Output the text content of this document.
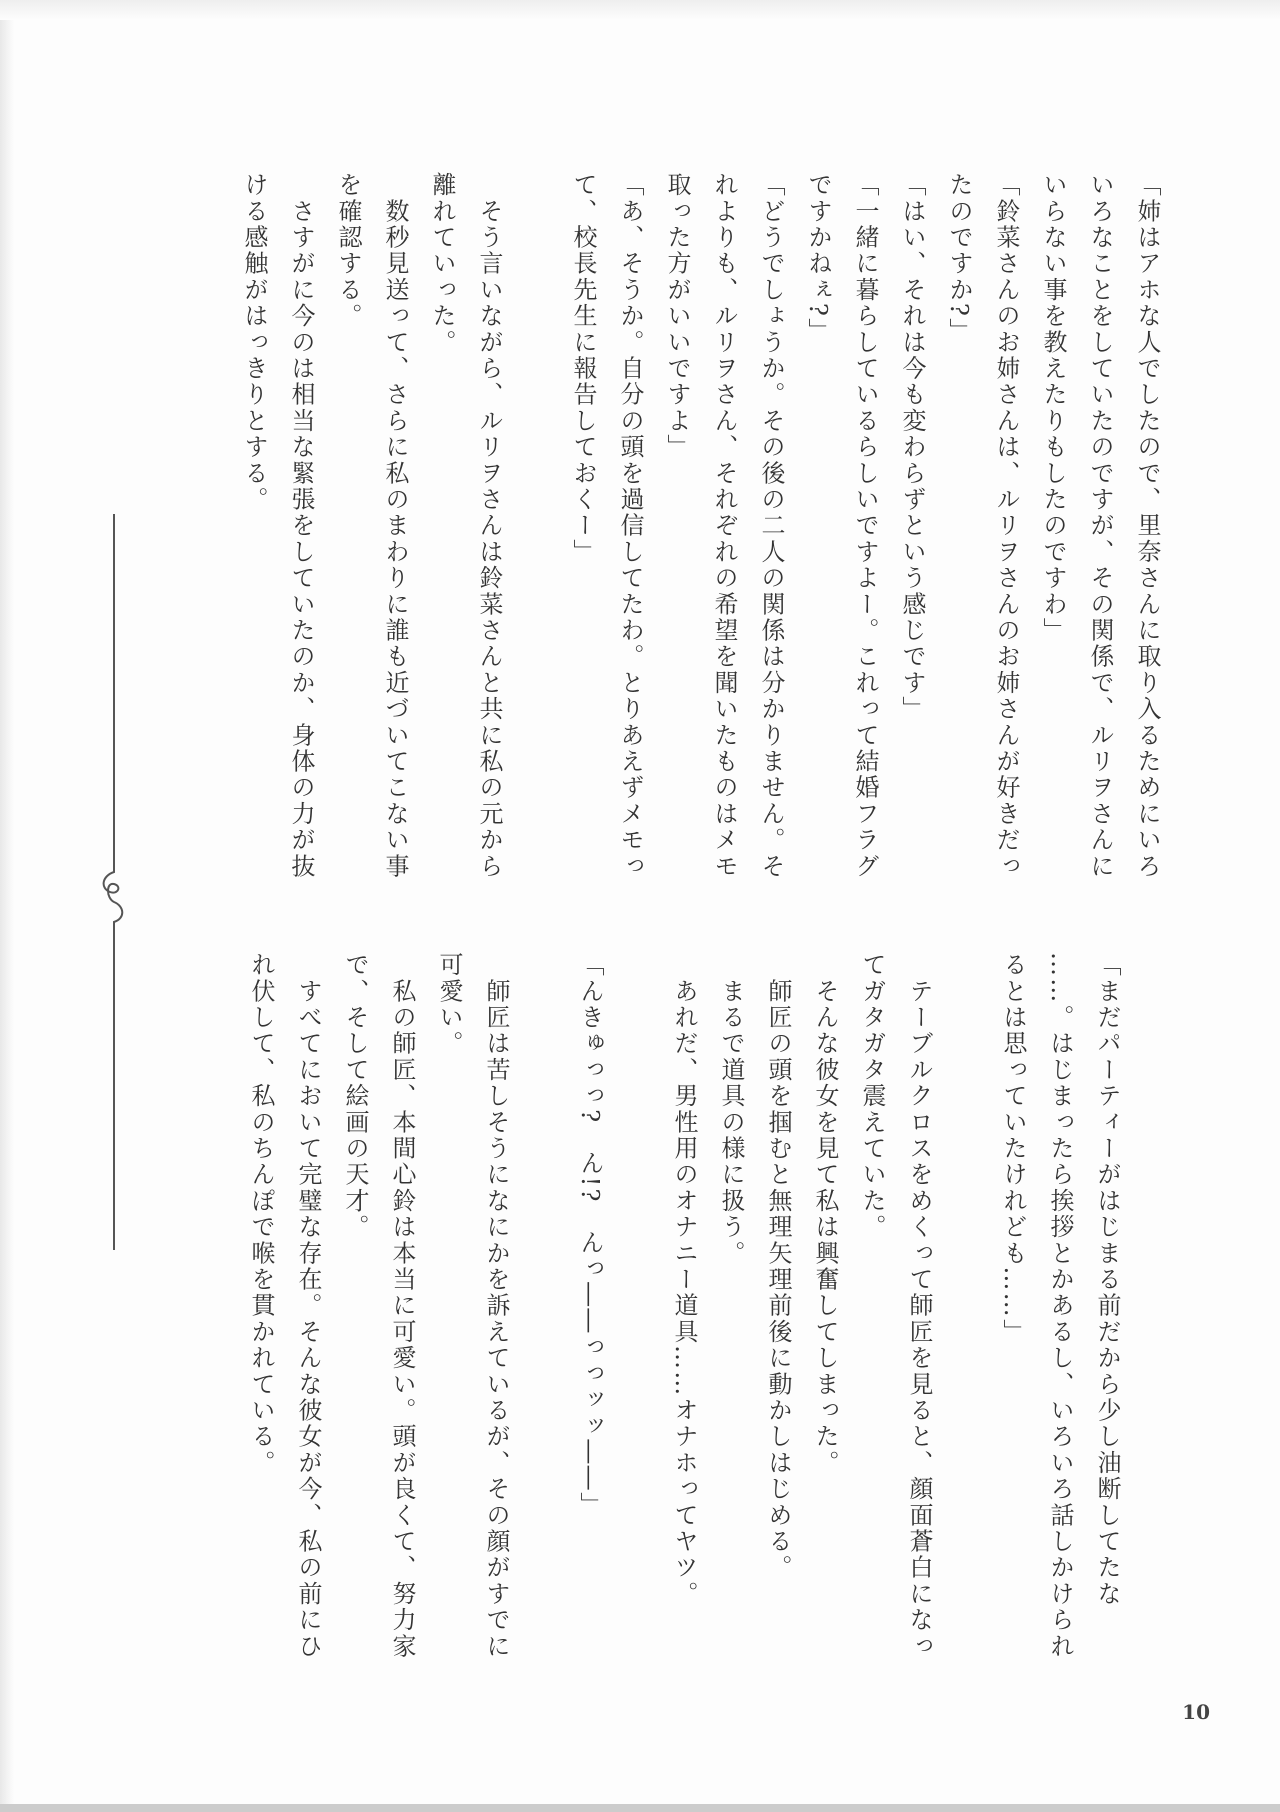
「姉はアホな人でしたので、里奈さんに取り入るためにいろ
いろなことをしていたのですが、その関係で、ルリヲさんに
いらない事を教えたりもしたのですわ」
「鈴菜さんのお姉さんは、ルリヲさんのお姉さんが好きだっ
たのですか?」
「はい、それは今も変わらずという感じです」
「一緒に暮らしているらしいですよー。これって結婚フラグ
ですかねぇ?」
「どうでしょうか。その後の二人の関係は分かりません。そ
れよりも、ルリヲさん、それぞれの希望を聞いたものはメモ
取った方がいいですよ」
「あ、そうか。自分の頭を過信してたわ。とりあえずメモっ
て、校長先生に報告しておくー」
　そう言いながら、ルリヲさんは鈴菜さんと共に私の元から
離れていった。
　数秒見送って、さらに私のまわりに誰も近づいてこない事
を確認する。
　さすがに今のは相当な緊張をしていたのか、身体の力が抜
ける感触がはっきりとする。
「まだパーティーがはじまる前だから少し油断してたな
……。はじまったら挨拶とかあるし、いろいろ話しかけられ
るとは思っていたけれども……」
　テーブルクロスをめくって師匠を見ると、顔面蒼白になっ
てガタガタ震えていた。
　そんな彼女を見て私は興奮してしまった。
　師匠の頭を掴むと無理矢理前後に動かしはじめる。
　まるで道具の様に扱う。
　あれだ、男性用のオナニー道具……オナホってヤツ。
「んきゅっっ?　ん!?　んっ――っっッッ――」
　師匠は苦しそうになにかを訴えているが、その顔がすでに
可愛い。
　私の師匠、本間心鈴は本当に可愛い。頭が良くて、努力家
で、そして絵画の天才。
　すべてにおいて完璧な存在。そんな彼女が今、私の前にひ
れ伏して、私のちんぽで喉を貫かれている。
10
